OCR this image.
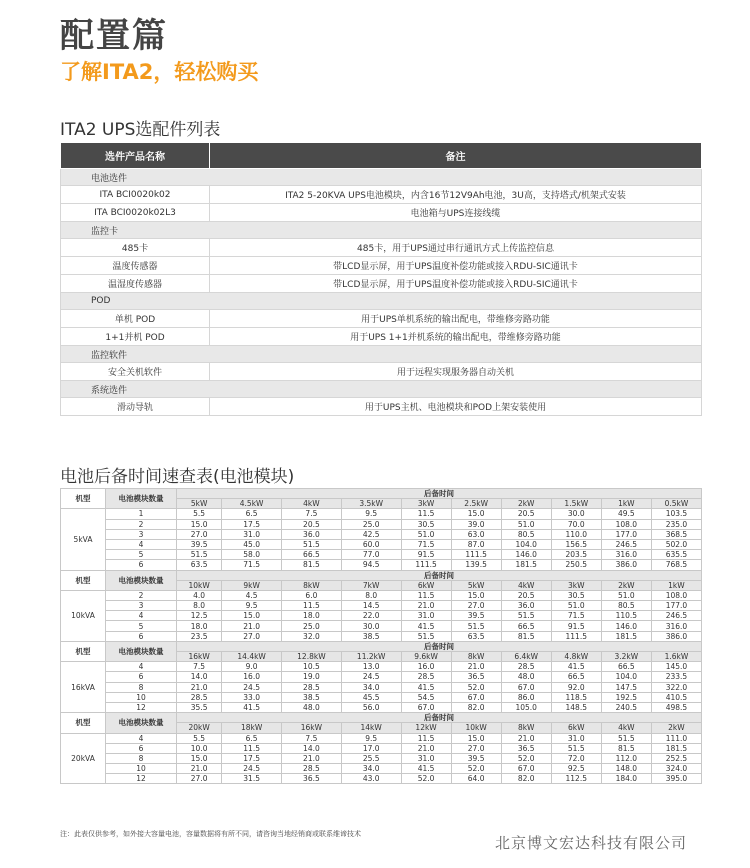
配置篇
了解ITA2，轻松购买
ITA2 UPS选配件列表
选件产品名称	备注
电池选件	
ITA BCI0020k02	ITA2 5-20KVA UPS电池模块，内含16节12V9Ah电池，3U高，支持塔式/机架式安装
ITA BCI0020k02L3	电池箱与UPS连接线缆
监控卡	
485卡	485卡，用于UPS通过串行通讯方式上传监控信息
温度传感器	带LCD显示屏，用于UPS温度补偿功能或接入RDU-SIC通讯卡
温湿度传感器	带LCD显示屏，用于UPS温度补偿功能或接入RDU-SIC通讯卡
POD	
单机 POD	用于UPS单机系统的输出配电，带维修旁路功能
1+1并机 POD	用于UPS 1+1并机系统的输出配电，带维修旁路功能
监控软件	
安全关机软件	用于远程实现服务器自动关机
系统选件	
滑动导轨	用于UPS主机、电池模块和POD上架安装使用
电池后备时间速查表(电池模块)
机型	电池模块数量	后备时间									
		5kW	4.5kW	4kW	3.5kW	3kW	2.5kW	2kW	1.5kW	1kW	0.5kW
5kVA	1	5.5	6.5	7.5	9.5	11.5	15.0	20.5	30.0	49.5	103.5
	2	15.0	17.5	20.5	25.0	30.5	39.0	51.0	70.0	108.0	235.0
	3	27.0	31.0	36.0	42.5	51.0	63.0	80.5	110.0	177.0	368.5
	4	39.5	45.0	51.5	60.0	71.5	87.0	104.0	156.5	246.5	502.0
	5	51.5	58.0	66.5	77.0	91.5	111.5	146.0	203.5	316.0	635.5
	6	63.5	71.5	81.5	94.5	111.5	139.5	181.5	250.5	386.0	768.5
机型	电池模块数量	后备时间									
		10kW	9kW	8kW	7kW	6kW	5kW	4kW	3kW	2kW	1kW
10kVA	2	4.0	4.5	6.0	8.0	11.5	15.0	20.5	30.5	51.0	108.0
	3	8.0	9.5	11.5	14.5	21.0	27.0	36.0	51.0	80.5	177.0
	4	12.5	15.0	18.0	22.0	31.0	39.5	51.5	71.5	110.5	246.5
	5	18.0	21.0	25.0	30.0	41.5	51.5	66.5	91.5	146.0	316.0
	6	23.5	27.0	32.0	38.5	51.5	63.5	81.5	111.5	181.5	386.0
机型	电池模块数量	后备时间									
		16kW	14.4kW	12.8kW	11.2kW	9.6kW	8kW	6.4kW	4.8kW	3.2kW	1.6kW
16kVA	4	7.5	9.0	10.5	13.0	16.0	21.0	28.5	41.5	66.5	145.0
	6	14.0	16.0	19.0	24.5	28.5	36.5	48.0	66.5	104.0	233.5
	8	21.0	24.5	28.5	34.0	41.5	52.0	67.0	92.0	147.5	322.0
	10	28.5	33.0	38.5	45.5	54.5	67.0	86.0	118.5	192.5	410.5
	12	35.5	41.5	48.0	56.0	67.0	82.0	105.0	148.5	240.5	498.5
机型	电池模块数量	后备时间									
		20kW	18kW	16kW	14kW	12kW	10kW	8kW	6kW	4kW	2kW
20kVA	4	5.5	6.5	7.5	9.5	11.5	15.0	21.0	31.0	51.5	111.0
	6	10.0	11.5	14.0	17.0	21.0	27.0	36.5	51.5	81.5	181.5
	8	15.0	17.5	21.0	25.5	31.0	39.5	52.0	72.0	112.0	252.5
	10	21.0	24.5	28.5	34.0	41.5	52.0	67.0	92.5	148.0	324.0
	12	27.0	31.5	36.5	43.0	52.0	64.0	82.0	112.5	184.0	395.0
注：此表仅供参考，如外接大容量电池，容量数据将有所不同，请咨询当地经销商或联系维谛技术	北京博文宏达科技有限公司
